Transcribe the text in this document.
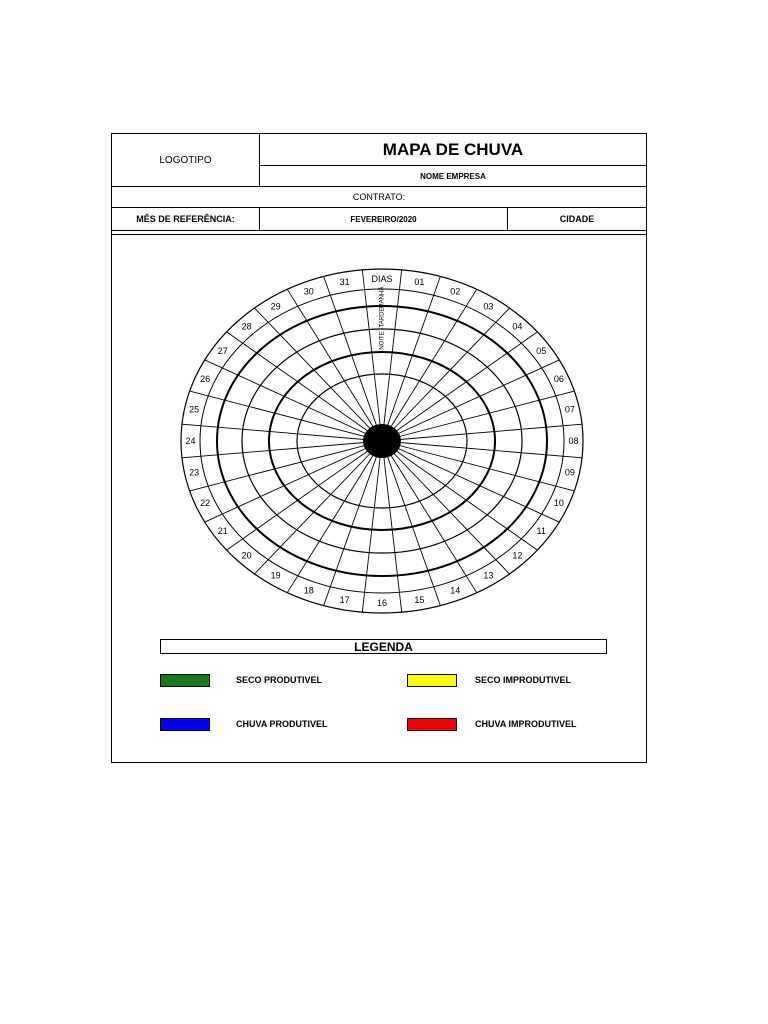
LOGOTIPO
MAPA DE CHUVA
NOME EMPRESA
CONTRATO:
MÊS DE REFERÊNCIA:	FEVEREIRO/2020	CIDADE
DIAS 01
02
03
04
05
06
07
08
09
10
11
12
13
14
15
16
17
18
19
20
21
22
23
24
25
26
27
28
29
30
31
MANHÃ
TARDE
NOITE
LEGENDA
SECO PRODUTIVEL	SECO IMPRODUTIVEL
CHUVA PRODUTIVEL	CHUVA IMPRODUTIVEL
